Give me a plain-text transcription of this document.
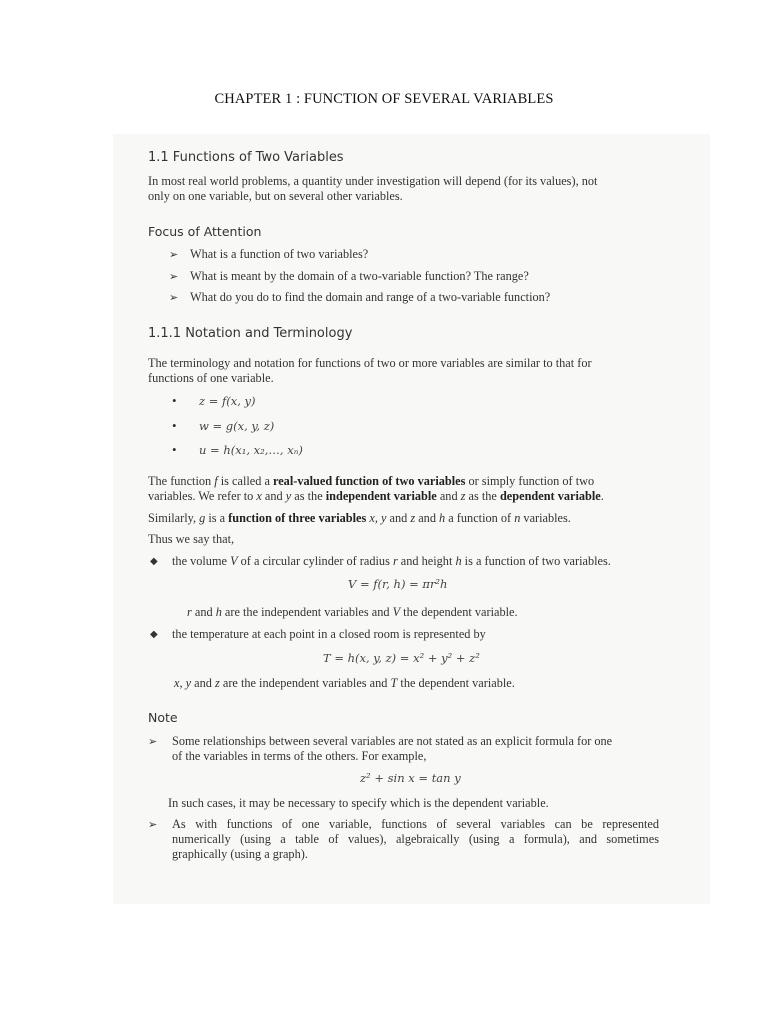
CHAPTER 1 : FUNCTION OF SEVERAL VARIABLES
1.1 Functions of Two Variables
In most real world problems, a quantity under investigation will depend (for its values), not
only on one variable, but on several other variables.
Focus of Attention
➢ What is a function of two variables?
➢ What is meant by the domain of a two-variable function? The range?
➢ What do you do to find the domain and range of a two-variable function?
1.1.1 Notation and Terminology
The terminology and notation for functions of two or more variables are similar to that for
functions of one variable.
• z = f(x, y)
• w = g(x, y, z)
• u = h(x₁, x₂,…, xₙ)
The function f is called a real-valued function of two variables or simply function of two
variables. We refer to x and y as the independent variable and z as the dependent variable.
Similarly, g is a function of three variables x, y and z and h a function of n variables.
Thus we say that,
◆ the volume V of a circular cylinder of radius r and height h is a function of two variables.
V = f(r, h) = πr²h
r and h are the independent variables and V the dependent variable.
◆ the temperature at each point in a closed room is represented by
T = h(x, y, z) = x² + y² + z²
x, y and z are the independent variables and T the dependent variable.
Note
➢ Some relationships between several variables are not stated as an explicit formula for one
of the variables in terms of the others. For example,
z² + sin x = tan y
In such cases, it may be necessary to specify which is the dependent variable.
➢ As with functions of one variable, functions of several variables can be represented
numerically (using a table of values), algebraically (using a formula), and sometimes
graphically (using a graph).
